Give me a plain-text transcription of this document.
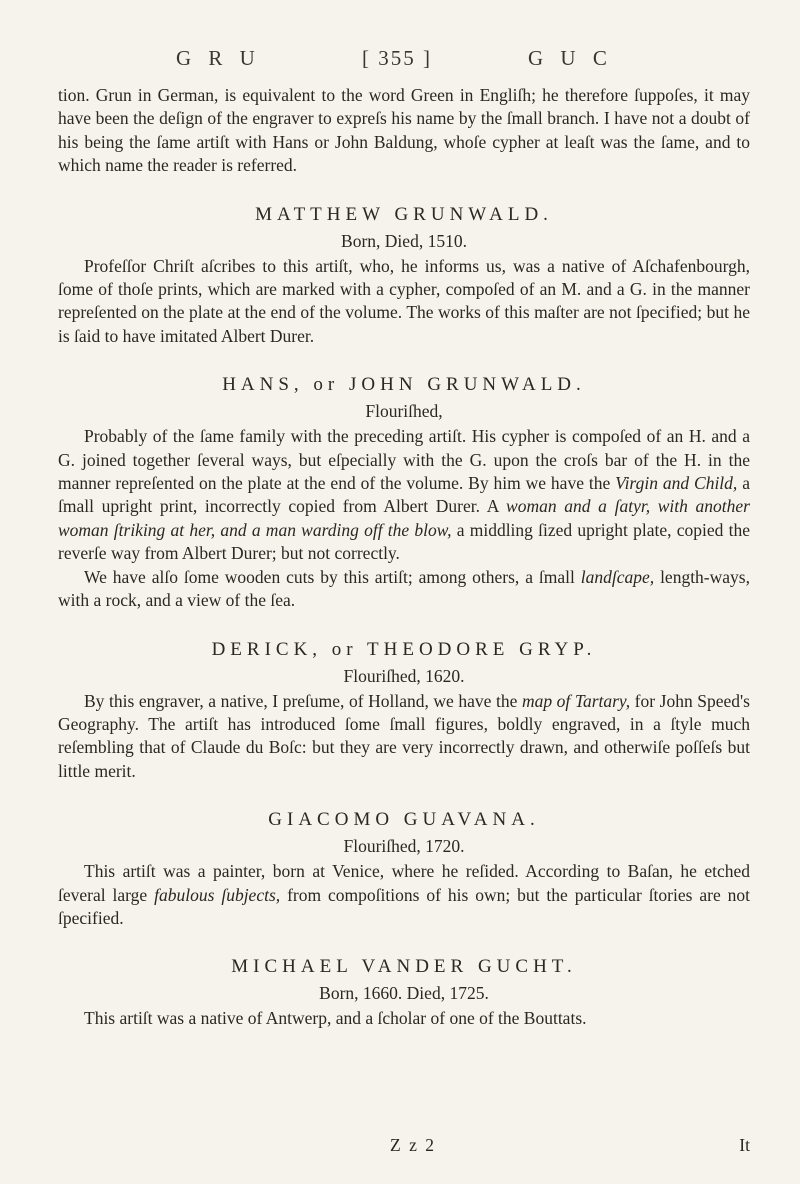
G R U	[ 355 ]	G U C

tion. Grun in German, is equivalent to the word Green in Engliſh; he therefore ſuppoſes, it may have been the deſign of the engraver to expreſs his name by the ſmall branch. I have not a doubt of his being the ſame artiſt with Hans or John Baldung, whoſe cypher at leaſt was the ſame, and to which name the reader is referred.

MATTHEW GRUNWALD.
Born, Died, 1510.

Profeſſor Chriſt aſcribes to this artiſt, who, he informs us, was a native of Aſchafenbourgh, ſome of thoſe prints, which are marked with a cypher, compoſed of an M. and a G. in the manner repreſented on the plate at the end of the volume. The works of this maſter are not ſpecified; but he is ſaid to have imitated Albert Durer.

HANS, or JOHN GRUNWALD.
Flouriſhed,

Probably of the ſame family with the preceding artiſt. His cypher is compoſed of an H. and a G. joined together ſeveral ways, but eſpecially with the G. upon the croſs bar of the H. in the manner repreſented on the plate at the end of the volume. By him we have the Virgin and Child, a ſmall upright print, incorrectly copied from Albert Durer. A woman and a ſatyr, with another woman ſtriking at her, and a man warding off the blow, a middling ſized upright plate, copied the reverſe way from Albert Durer; but not correctly.

We have alſo ſome wooden cuts by this artiſt; among others, a ſmall landſcape, length-ways, with a rock, and a view of the ſea.

DERICK, or THEODORE GRYP.
Flouriſhed, 1620.

By this engraver, a native, I preſume, of Holland, we have the map of Tartary, for John Speed's Geography. The artiſt has introduced ſome ſmall figures, boldly engraved, in a ſtyle much reſembling that of Claude du Boſc: but they are very incorrectly drawn, and otherwiſe poſſeſs but little merit.

GIACOMO GUAVANA.
Flouriſhed, 1720.

This artiſt was a painter, born at Venice, where he reſided. According to Baſan, he etched ſeveral large fabulous ſubjects, from compoſitions of his own; but the particular ſtories are not ſpecified.

MICHAEL VANDER GUCHT.
Born, 1660. Died, 1725.

This artiſt was a native of Antwerp, and a ſcholar of one of the Bouttats.

Z z 2	It
